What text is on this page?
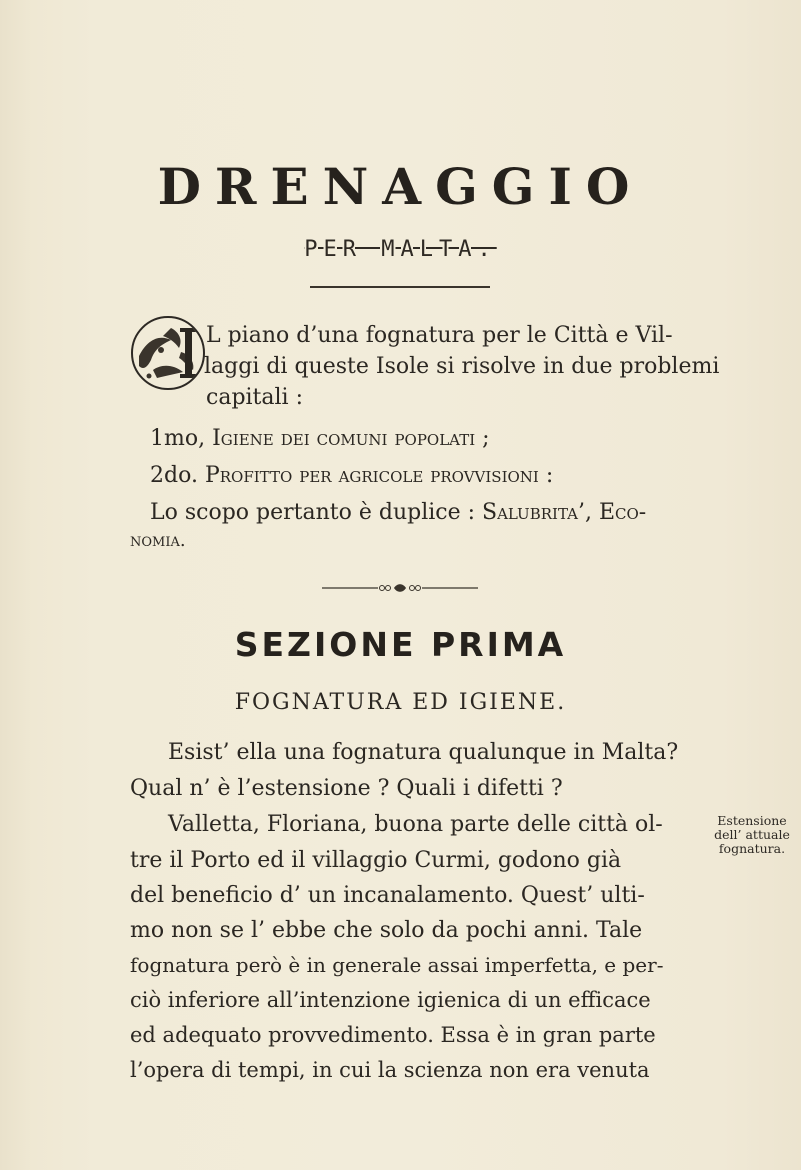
DRENAGGIO
PER MALTA.
L piano d’una fognatura per le Città e Vil-
laggi di queste Isole si risolve in due problemi
capitali :
1mo, Igiene dei comuni popolati ;
2do. Profitto per agricole provvisioni :
Lo scopo pertanto è duplice : Salubrita’, Eco-
nomia.
SEZIONE PRIMA
FOGNATURA ED IGIENE.
Esist’ ella una fognatura qualunque in Malta?
Qual n’ è l’estensione ? Quali i difetti ?
Valletta, Floriana, buona parte delle città ol-
tre il Porto ed il villaggio Curmi, godono già
del beneficio d’ un incanalamento. Quest’ ulti-
mo non se l’ ebbe che solo da pochi anni. Tale
fognatura però è in generale assai imperfetta, e per-
ciò inferiore all’intenzione igienica di un efficace
ed adequato provvedimento. Essa è in gran parte
l’opera di tempi, in cui la scienza non era venuta
Estensione
dell’ attuale
fognatura.
